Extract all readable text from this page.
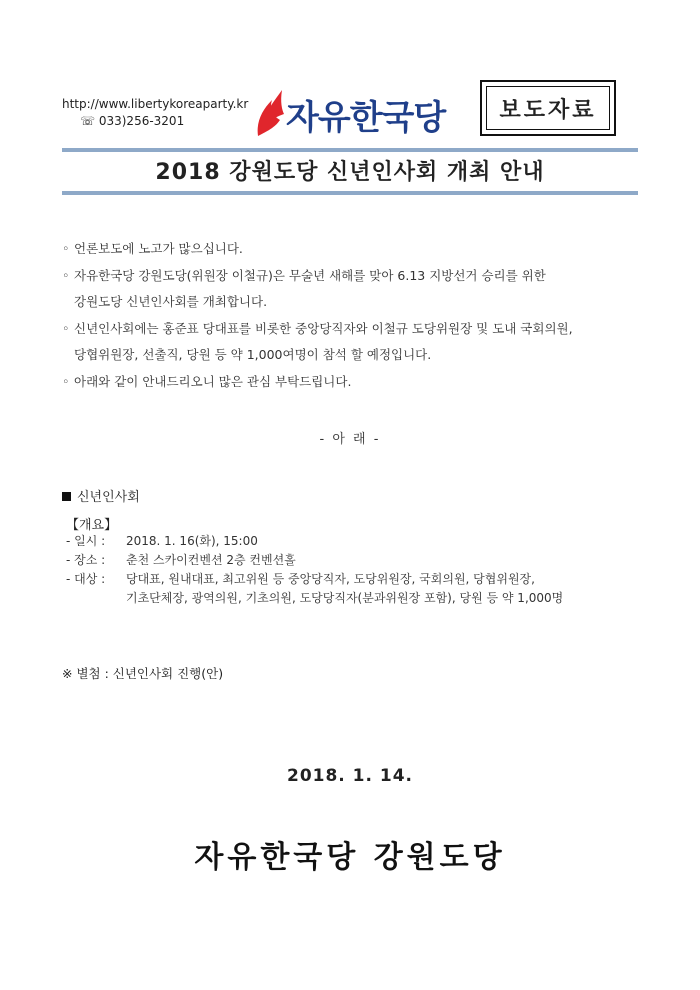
http://www.libertykoreaparty.kr
☏ 033)256-3201	자유한국당 보도자료
2018 강원도당 신년인사회 개최 안내
◦ 언론보도에 노고가 많으십니다.
◦ 자유한국당 강원도당(위원장 이철규)은 무술년 새해를 맞아 6.13 지방선거 승리를 위한
강원도당 신년인사회를 개최합니다.
◦ 신년인사회에는 홍준표 당대표를 비롯한 중앙당직자와 이철규 도당위원장 및 도내 국회의원,
당협위원장, 선출직, 당원 등 약 1,000여명이 참석 할 예정입니다.
◦ 아래와 같이 안내드리오니 많은 관심 부탁드립니다.
- 아 래 -
신년인사회
【개요】
- 일시 :	2018. 1. 16(화), 15:00
- 장소 :	춘천 스카이컨벤션 2층 컨벤션홀
- 대상 :	당대표, 원내대표, 최고위원 등 중앙당직자, 도당위원장, 국회의원, 당협위원장,
기초단체장, 광역의원, 기초의원, 도당당직자(분과위원장 포함), 당원 등 약 1,000명
※ 별첨 : 신년인사회 진행(안)
2018. 1. 14.
자유한국당 강원도당
